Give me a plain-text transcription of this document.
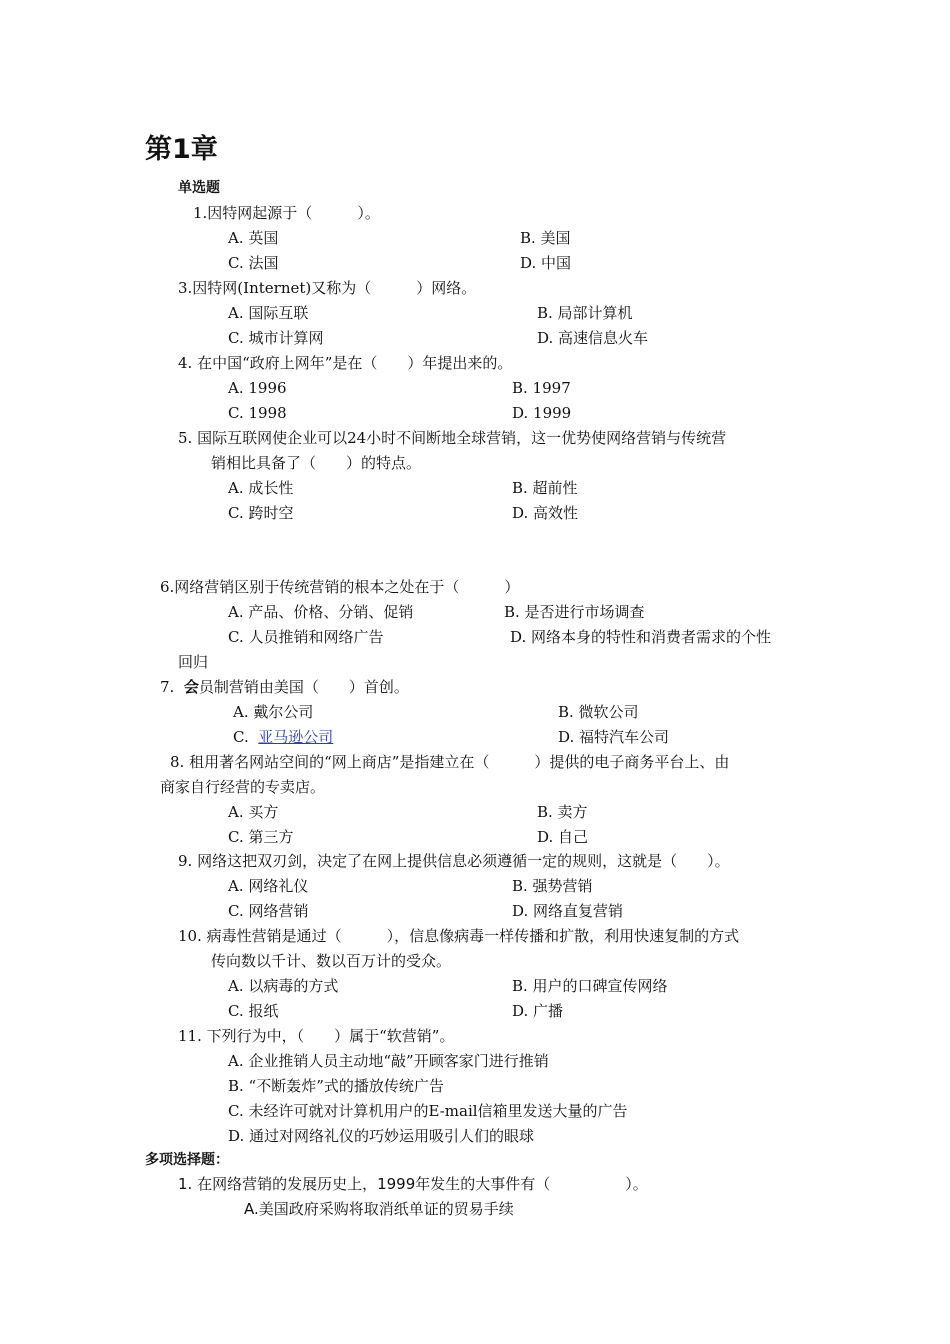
第1章
单选题
1.因特网起源于（　　　）。
A. 英国	B. 美国
C. 法国	D. 中国
3.因特网(Internet)又称为（　　　）网络。
A. 国际互联	B. 局部计算机
C. 城市计算网	D. 高速信息火车
4. 在中国“政府上网年”是在（　　）年提出来的。
A. 1996	B. 1997
C. 1998	D. 1999
5. 国际互联网使企业可以24小时不间断地全球营销，这一优势使网络营销与传统营
销相比具备了（　　）的特点。
A. 成长性	B. 超前性
C. 跨时空	D. 高效性
6.网络营销区别于传统营销的根本之处在于（　　　）
A. 产品、价格、分销、促销	B. 是否进行市场调查
C. 人员推销和网络广告	D. 网络本身的特性和消费者需求的个性
回归
7. 会员制营销由美国（　　）首创。
A. 戴尔公司	B. 微软公司
C. 亚马逊公司	D. 福特汽车公司
8. 租用著名网站空间的“网上商店”是指建立在（　　　）提供的电子商务平台上、由
商家自行经营的专卖店。
A. 买方	B. 卖方
C. 第三方	D. 自己
9. 网络这把双刃剑，决定了在网上提供信息必须遵循一定的规则，这就是（　　）。
A. 网络礼仪	B. 强势营销
C. 网络营销	D. 网络直复营销
10. 病毒性营销是通过（　　　），信息像病毒一样传播和扩散，利用快速复制的方式
传向数以千计、数以百万计的受众。
A. 以病毒的方式	B. 用户的口碑宣传网络
C. 报纸	D. 广播
11. 下列行为中，（　　）属于“软营销”。
A. 企业推销人员主动地“敲”开顾客家门进行推销
B. “不断轰炸”式的播放传统广告
C. 未经许可就对计算机用户的E-mail信箱里发送大量的广告
D. 通过对网络礼仪的巧妙运用吸引人们的眼球
多项选择题：
1. 在网络营销的发展历史上，1999年发生的大事件有（　　　　　）。
A.美国政府采购将取消纸单证的贸易手续
